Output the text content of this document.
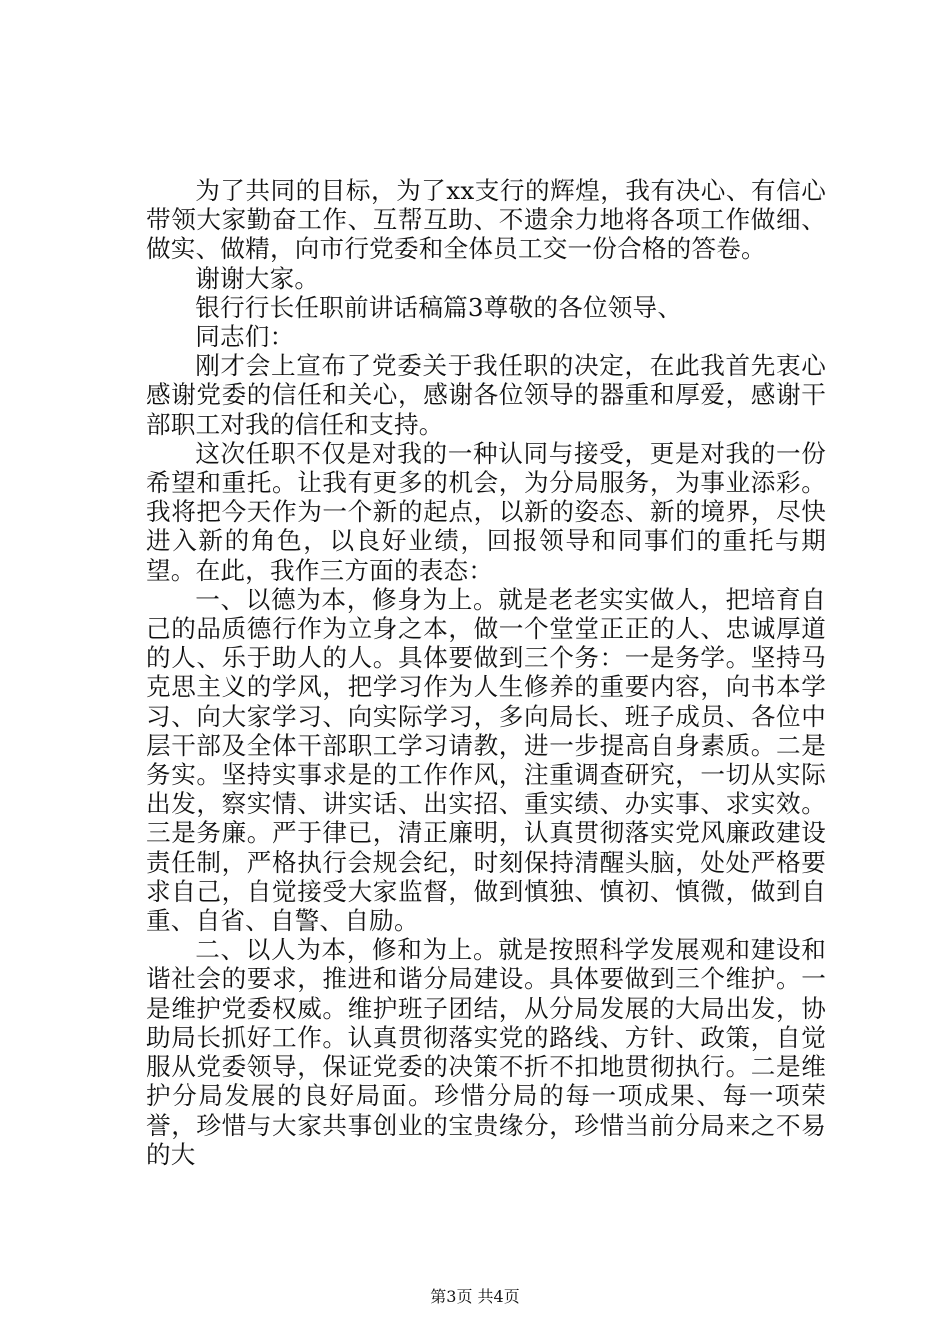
为了共同的目标，为了xx支行的辉煌，我有决心、有信心带领大家勤奋工作、互帮互助、不遗余力地将各项工作做细、做实、做精，向市行党委和全体员工交一份合格的答卷。

谢谢大家。

银行行长任职前讲话稿篇3尊敬的各位领导、

同志们：

刚才会上宣布了党委关于我任职的决定，在此我首先衷心感谢党委的信任和关心，感谢各位领导的器重和厚爱，感谢干部职工对我的信任和支持。

这次任职不仅是对我的一种认同与接受，更是对我的一份希望和重托。让我有更多的机会，为分局服务，为事业添彩。我将把今天作为一个新的起点，以新的姿态、新的境界，尽快进入新的角色，以良好业绩，回报领导和同事们的重托与期望。在此，我作三方面的表态：

一、以德为本，修身为上。就是老老实实做人，把培育自己的品质德行作为立身之本，做一个堂堂正正的人、忠诚厚道的人、乐于助人的人。具体要做到三个务：一是务学。坚持马克思主义的学风，把学习作为人生修养的重要内容，向书本学习、向大家学习、向实际学习，多向局长、班子成员、各位中层干部及全体干部职工学习请教，进一步提高自身素质。二是务实。坚持实事求是的工作作风，注重调查研究，一切从实际出发，察实情、讲实话、出实招、重实绩、办实事、求实效。三是务廉。严于律已，清正廉明，认真贯彻落实党风廉政建设责任制，严格执行会规会纪，时刻保持清醒头脑，处处严格要求自己，自觉接受大家监督，做到慎独、慎初、慎微，做到自重、自省、自警、自励。

二、以人为本，修和为上。就是按照科学发展观和建设和谐社会的要求，推进和谐分局建设。具体要做到三个维护。一是维护党委权威。维护班子团结，从分局发展的大局出发，协助局长抓好工作。认真贯彻落实党的路线、方针、政策，自觉服从党委领导，保证党委的决策不折不扣地贯彻执行。二是维护分局发展的良好局面。珍惜分局的每一项成果、每一项荣誉，珍惜与大家共事创业的宝贵缘分，珍惜当前分局来之不易的大

第3页 共4页
